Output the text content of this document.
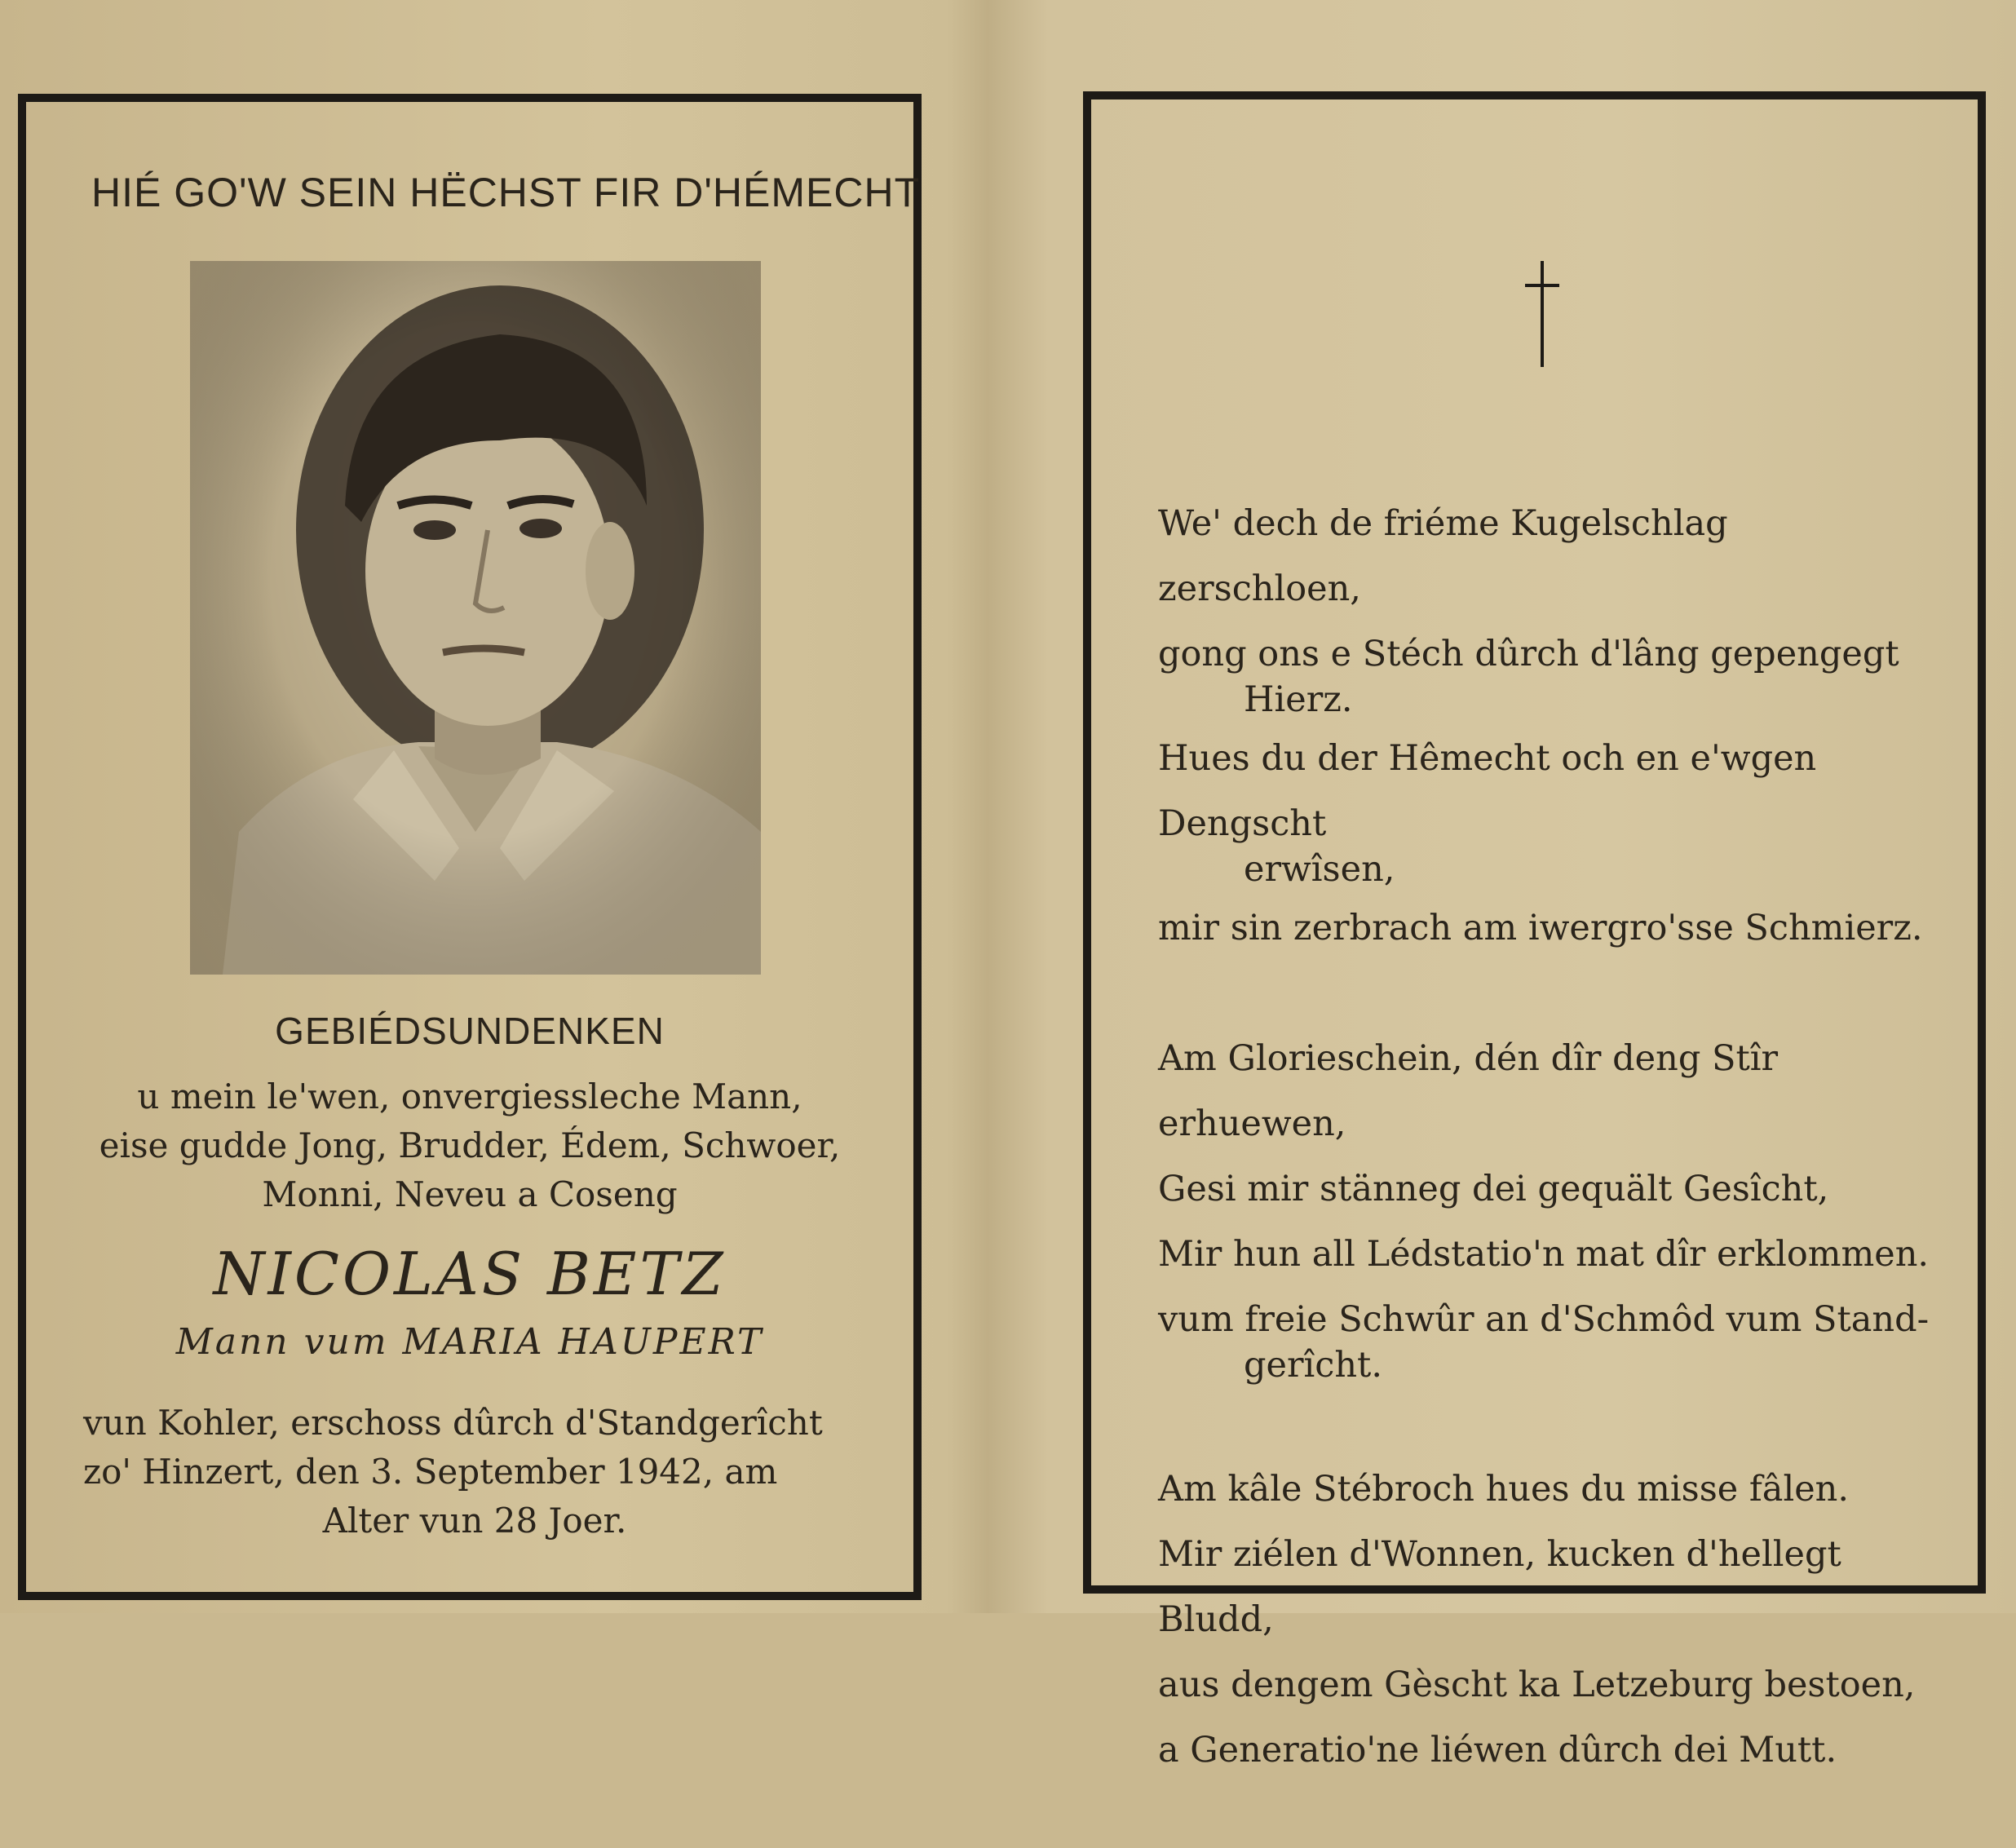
HIÉ GO'W SEIN HËCHST FIR D'HÉMECHT
GEBIÉDSUNDENKEN
u mein le'wen, onvergiessleche Mann,
eise gudde Jong, Brudder, Édem, Schwoer,
Monni, Neveu a Coseng
NICOLAS BETZ
Mann vum MARIA HAUPERT
vun Kohler, erschoss dûrch d'Standgerîcht
zo' Hinzert, den 3. September 1942, am
Alter vun 28 Joer.
We' dech de friéme Kugelschlag zerschloen,
gong ons e Stéch dûrch d'lâng gepengegt
Hierz.
Hues du der Hêmecht och en e'wgen Dengscht
erwîsen,
mir sin zerbrach am iwergro'sse Schmierz.
Am Glorieschein, dén dîr deng Stîr erhuewen,
Gesi mir stänneg dei gequält Gesîcht,
Mir hun all Lédstatio'n mat dîr erklommen.
vum freie Schwûr an d'Schmôd vum Stand-
gerîcht.
Am kâle Stébroch hues du misse fâlen.
Mir ziélen d'Wonnen, kucken d'hellegt Bludd,
aus dengem Gèscht ka Letzeburg bestoen,
a Generatio'ne liéwen dûrch dei Mutt.
